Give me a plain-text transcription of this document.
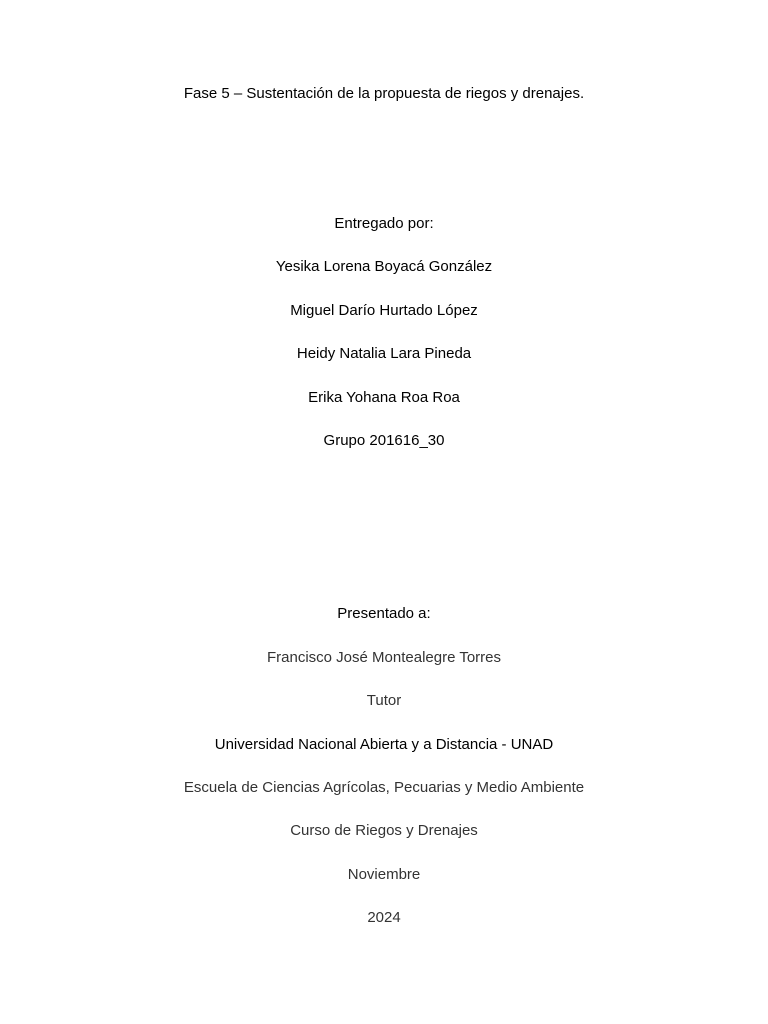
Fase 5 – Sustentación de la propuesta de riegos y drenajes.
Entregado por:
Yesika Lorena Boyacá González
Miguel Darío Hurtado López
Heidy Natalia Lara Pineda
Erika Yohana Roa Roa
Grupo 201616_30
Presentado a:
Francisco José Montealegre Torres
Tutor
Universidad Nacional Abierta y a Distancia - UNAD
Escuela de Ciencias Agrícolas, Pecuarias y Medio Ambiente
Curso de Riegos y Drenajes
Noviembre
2024
